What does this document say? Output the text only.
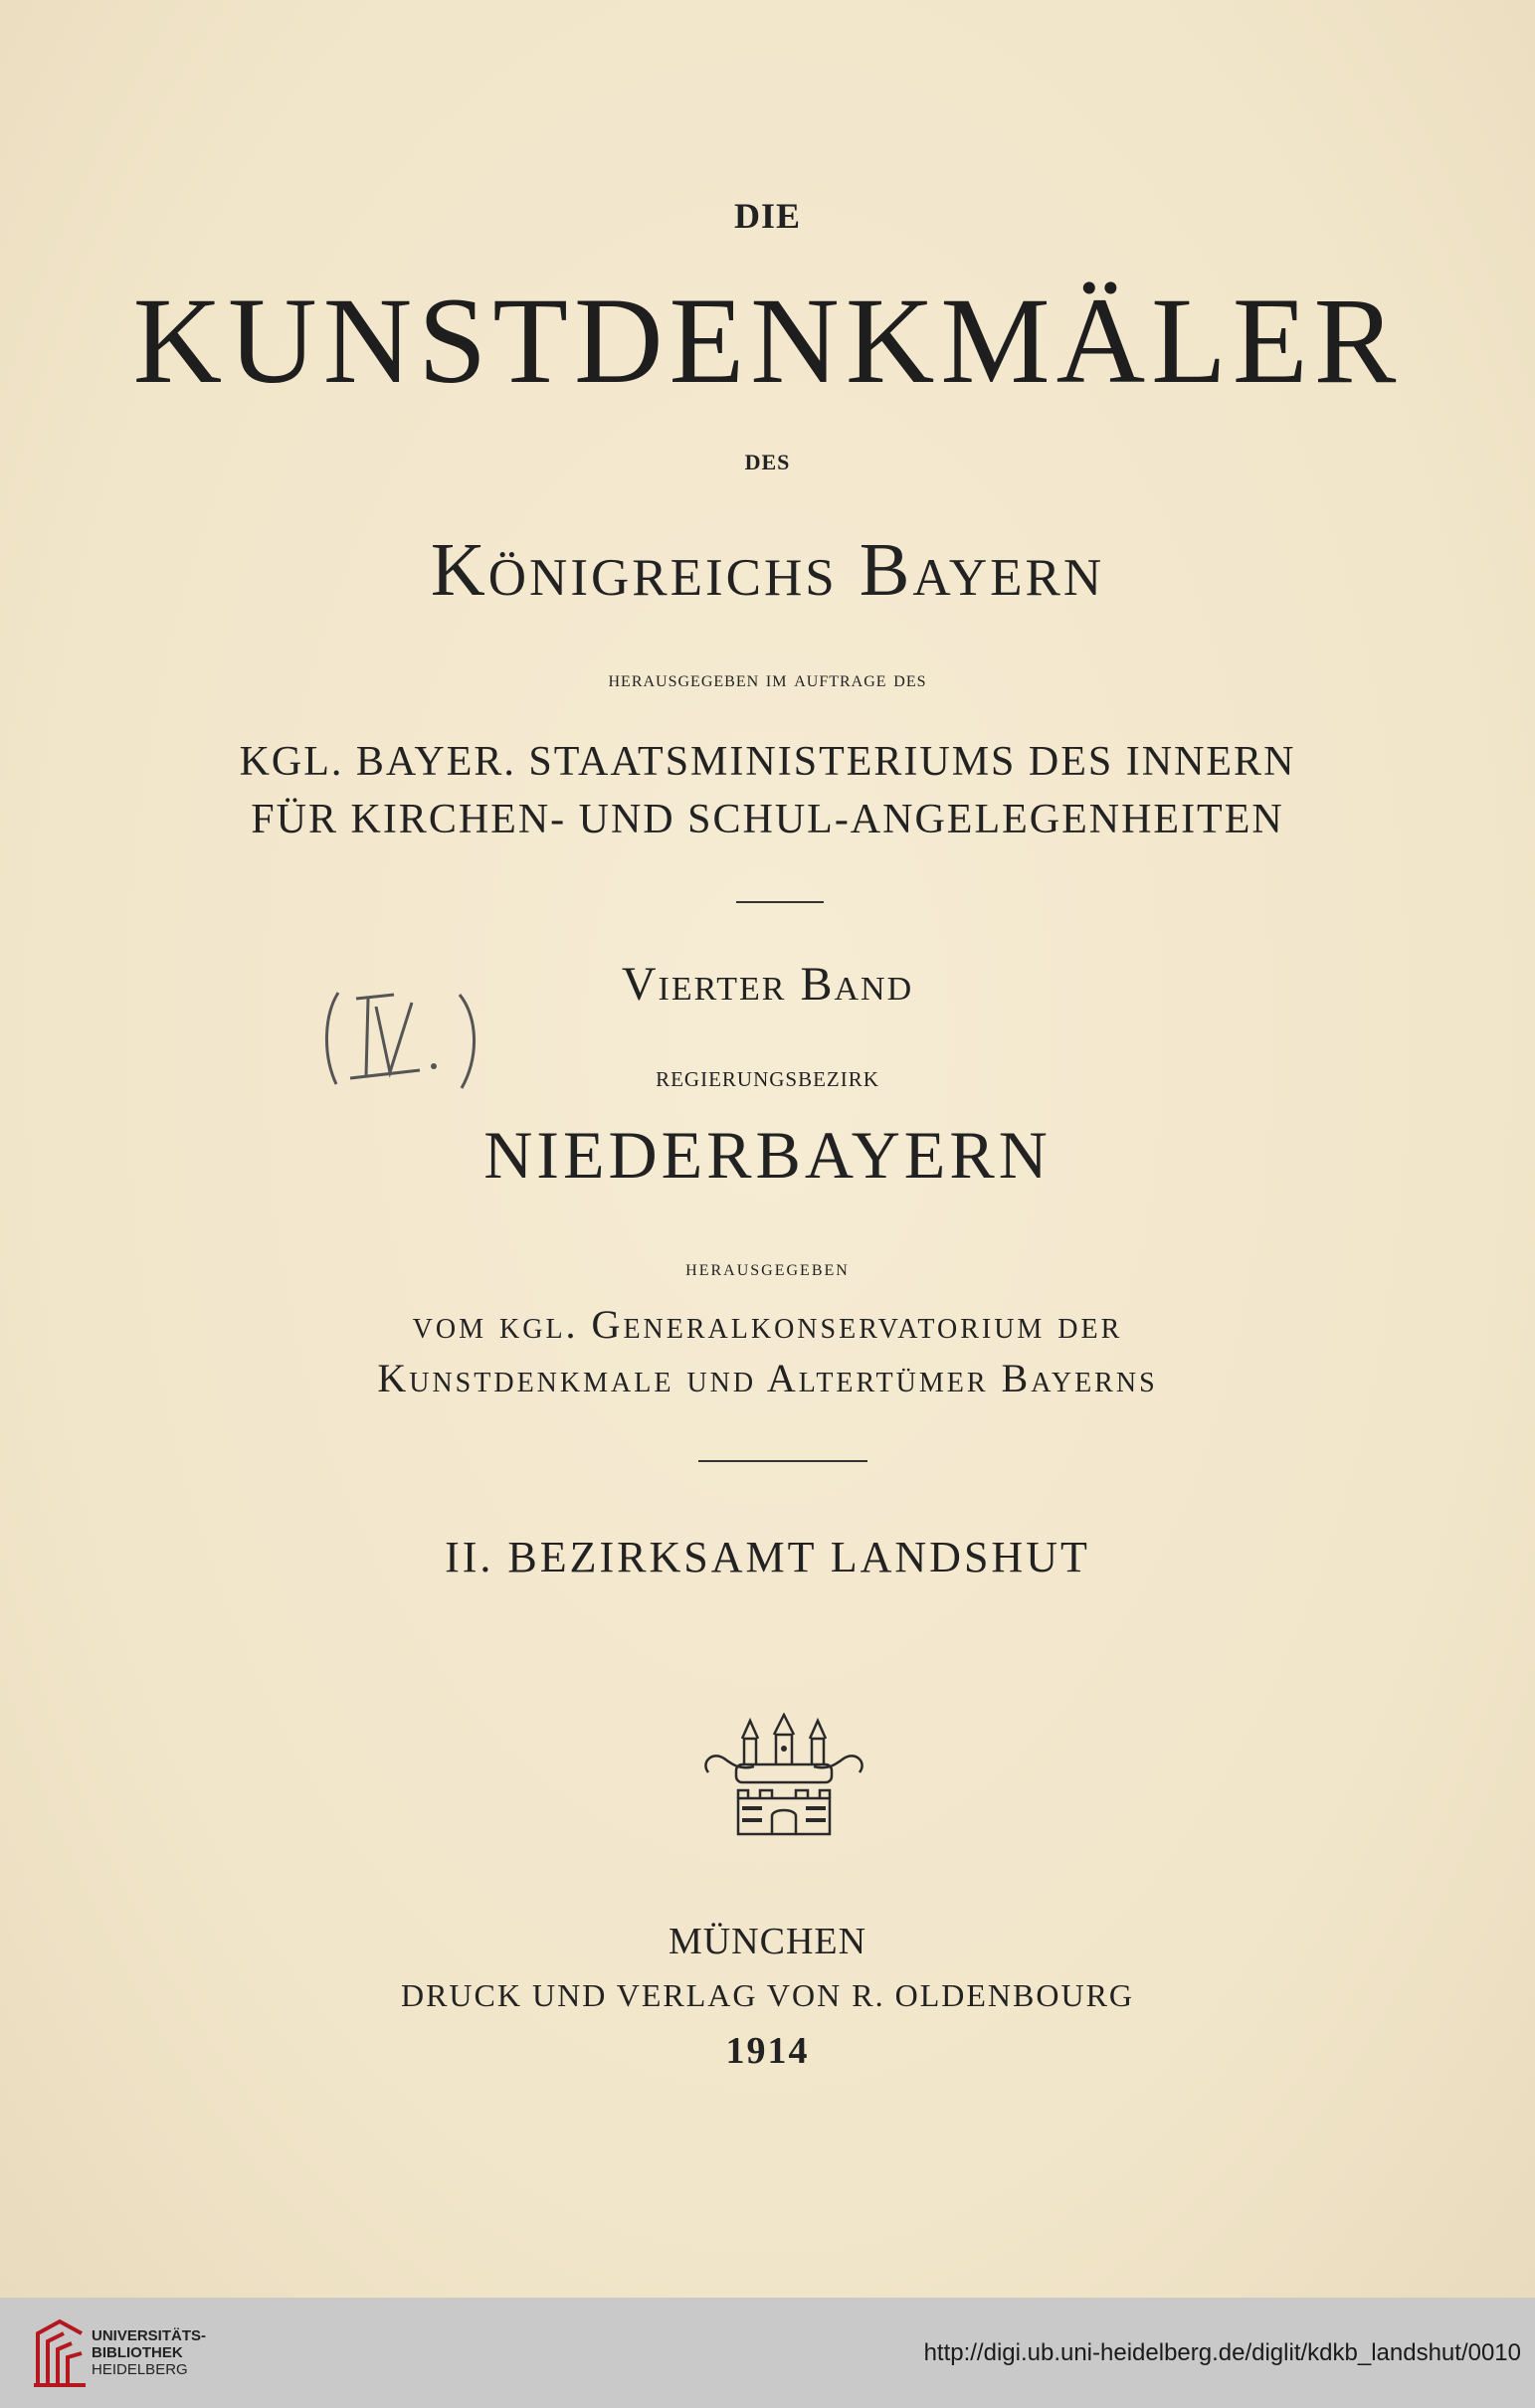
DIE
KUNSTDENKMÄLER
DES
Königreichs Bayern
herausgegeben im auftrage des
KGL. BAYER. STAATSMINISTERIUMS DES INNERN
FÜR KIRCHEN- UND SCHUL-ANGELEGENHEITEN
Vierter Band
regierungsbezirk
NIEDERBAYERN
herausgegeben
vom kgl. Generalkonservatorium der
Kunstdenkmale und Altertümer Bayerns
II. BEZIRKSAMT LANDSHUT
MÜNCHEN
DRUCK UND VERLAG VON R. OLDENBOURG
1914
UNIVERSITÄTS-
BIBLIOTHEK
HEIDELBERG
http://digi.ub.uni-heidelberg.de/diglit/kdkb_landshut/0010
